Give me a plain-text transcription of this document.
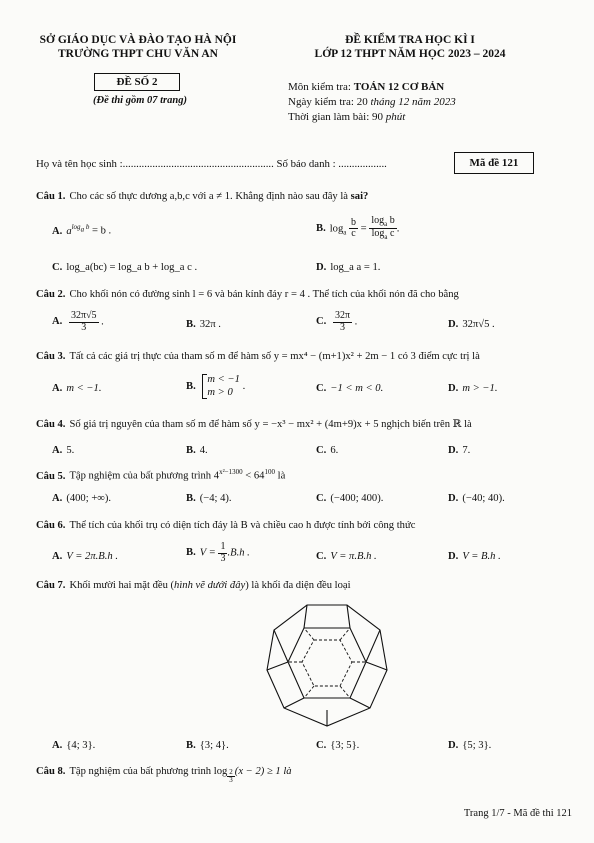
SỞ GIÁO DỤC VÀ ĐÀO TẠO HÀ NỘI
TRƯỜNG THPT CHU VĂN AN
ĐỀ KIỂM TRA HỌC KÌ I
LỚP 12 THPT NĂM HỌC 2023 – 2024
ĐỀ SỐ 2
(Đề thi gồm 07 trang)
Môn kiểm tra: TOÁN 12 CƠ BẢN
Ngày kiểm tra: 20 tháng 12 năm 2023
Thời gian làm bài: 90 phút
Họ và tên học sinh :........................................................ Số báo danh : ..................	Mã đề 121
Câu 1. Cho các số thực dương a,b,c với a ≠ 1. Khẳng định nào sau đây là sai?
A. $a^{log_a b} = b$ .	B. $\log_a \frac{b}{c} = \frac{\log_a b}{\log_a c}$ .
C. log_a(bc) = log_a b + log_a c .	D. log_a a = 1.
Câu 2. Cho khối nón có đường sinh l = 6 và bán kính đáy r = 4 . Thể tích của khối nón đã cho bằng
A. $\frac{32\pi√5}{3}$ .	B. 32π .	C. $\frac{32\pi}{3}$ .	D. 32π√5 .
Câu 3. Tất cả các giá trị thực của tham số m để hàm số y = mx⁴ − (m+1)x² + 2m − 1 có 3 điểm cực trị là
A. m < −1.	B.
m < −1
m > 0
.	C. −1 < m < 0.	D. m > −1.
Câu 4. Số giá trị nguyên của tham số m để hàm số y = −x³ − mx² + (4m+9)x + 5 nghịch biến trên ℝ là
A. 5.	B. 4.	C. 6.	D. 7.
Câu 5. Tập nghiệm của bất phương trình $4^{x^2-1300} < 64^{100}$ là
A. (400; +∞).	B. (−4; 4).	C. (−400; 400).	D. (−40; 40).
Câu 6. Thể tích của khối trụ có diện tích đáy là B và chiều cao h được tính bởi công thức
A. V = 2π.B.h .	B. $V = \frac{1}{3} .B.h$ .	C. V = π.B.h .	D. V = B.h .
Câu 7. Khối mười hai mặt đều (hình vẽ dưới đây) là khối đa diện đều loại
A. {4; 3}.	B. {3; 4}.	C. {3; 5}.	D. {5; 3}.
Câu 8. Tập nghiệm của bất phương trình $\log \frac{2}{3} (x - 2) \ge 1$ là
Trang 1/7 - Mã đề thi 121
